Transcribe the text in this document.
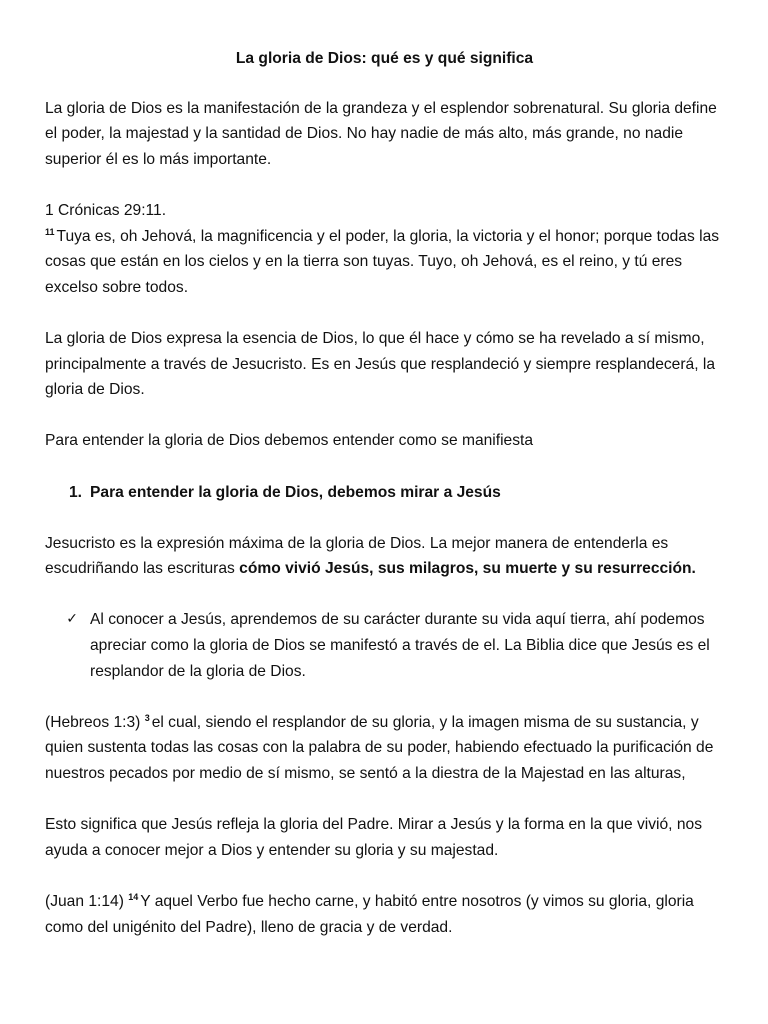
La gloria de Dios: qué es y qué significa

La gloria de Dios es la manifestación de la grandeza y el esplendor sobrenatural. Su gloria define el poder, la majestad y la santidad de Dios. No hay nadie de más alto, más grande, no nadie superior él es lo más importante.

1 Crónicas 29:11.
$^{11}$ Tuya es, oh Jehová, la magnificencia y el poder, la gloria, la victoria y el honor; porque todas las cosas que están en los cielos y en la tierra son tuyas. Tuyo, oh Jehová, es el reino, y tú eres excelso sobre todos.

La gloria de Dios expresa la esencia de Dios, lo que él hace y cómo se ha revelado a sí mismo, principalmente a través de Jesucristo. Es en Jesús que resplandeció y siempre resplandecerá, la gloria de Dios.

Para entender la gloria de Dios debemos entender como se manifiesta

1. Para entender la gloria de Dios, debemos mirar a Jesús

Jesucristo es la expresión máxima de la gloria de Dios. La mejor manera de entenderla es escudriñando las escrituras cómo vivió Jesús, sus milagros, su muerte y su resurrección.

✓ Al conocer a Jesús, aprendemos de su carácter durante su vida aquí tierra, ahí podemos apreciar como la gloria de Dios se manifestó a través de el. La Biblia dice que Jesús es el resplandor de la gloria de Dios.

(Hebreos 1:3) $^3$ el cual, siendo el resplandor de su gloria, y la imagen misma de su sustancia, y quien sustenta todas las cosas con la palabra de su poder, habiendo efectuado la purificación de nuestros pecados por medio de sí mismo, se sentó a la diestra de la Majestad en las alturas,

Esto significa que Jesús refleja la gloria del Padre. Mirar a Jesús y la forma en la que vivió, nos ayuda a conocer mejor a Dios y entender su gloria y su majestad.

(Juan 1:14) $^{14}$ Y aquel Verbo fue hecho carne, y habitó entre nosotros (y vimos su gloria, gloria como del unigénito del Padre), lleno de gracia y de verdad.
